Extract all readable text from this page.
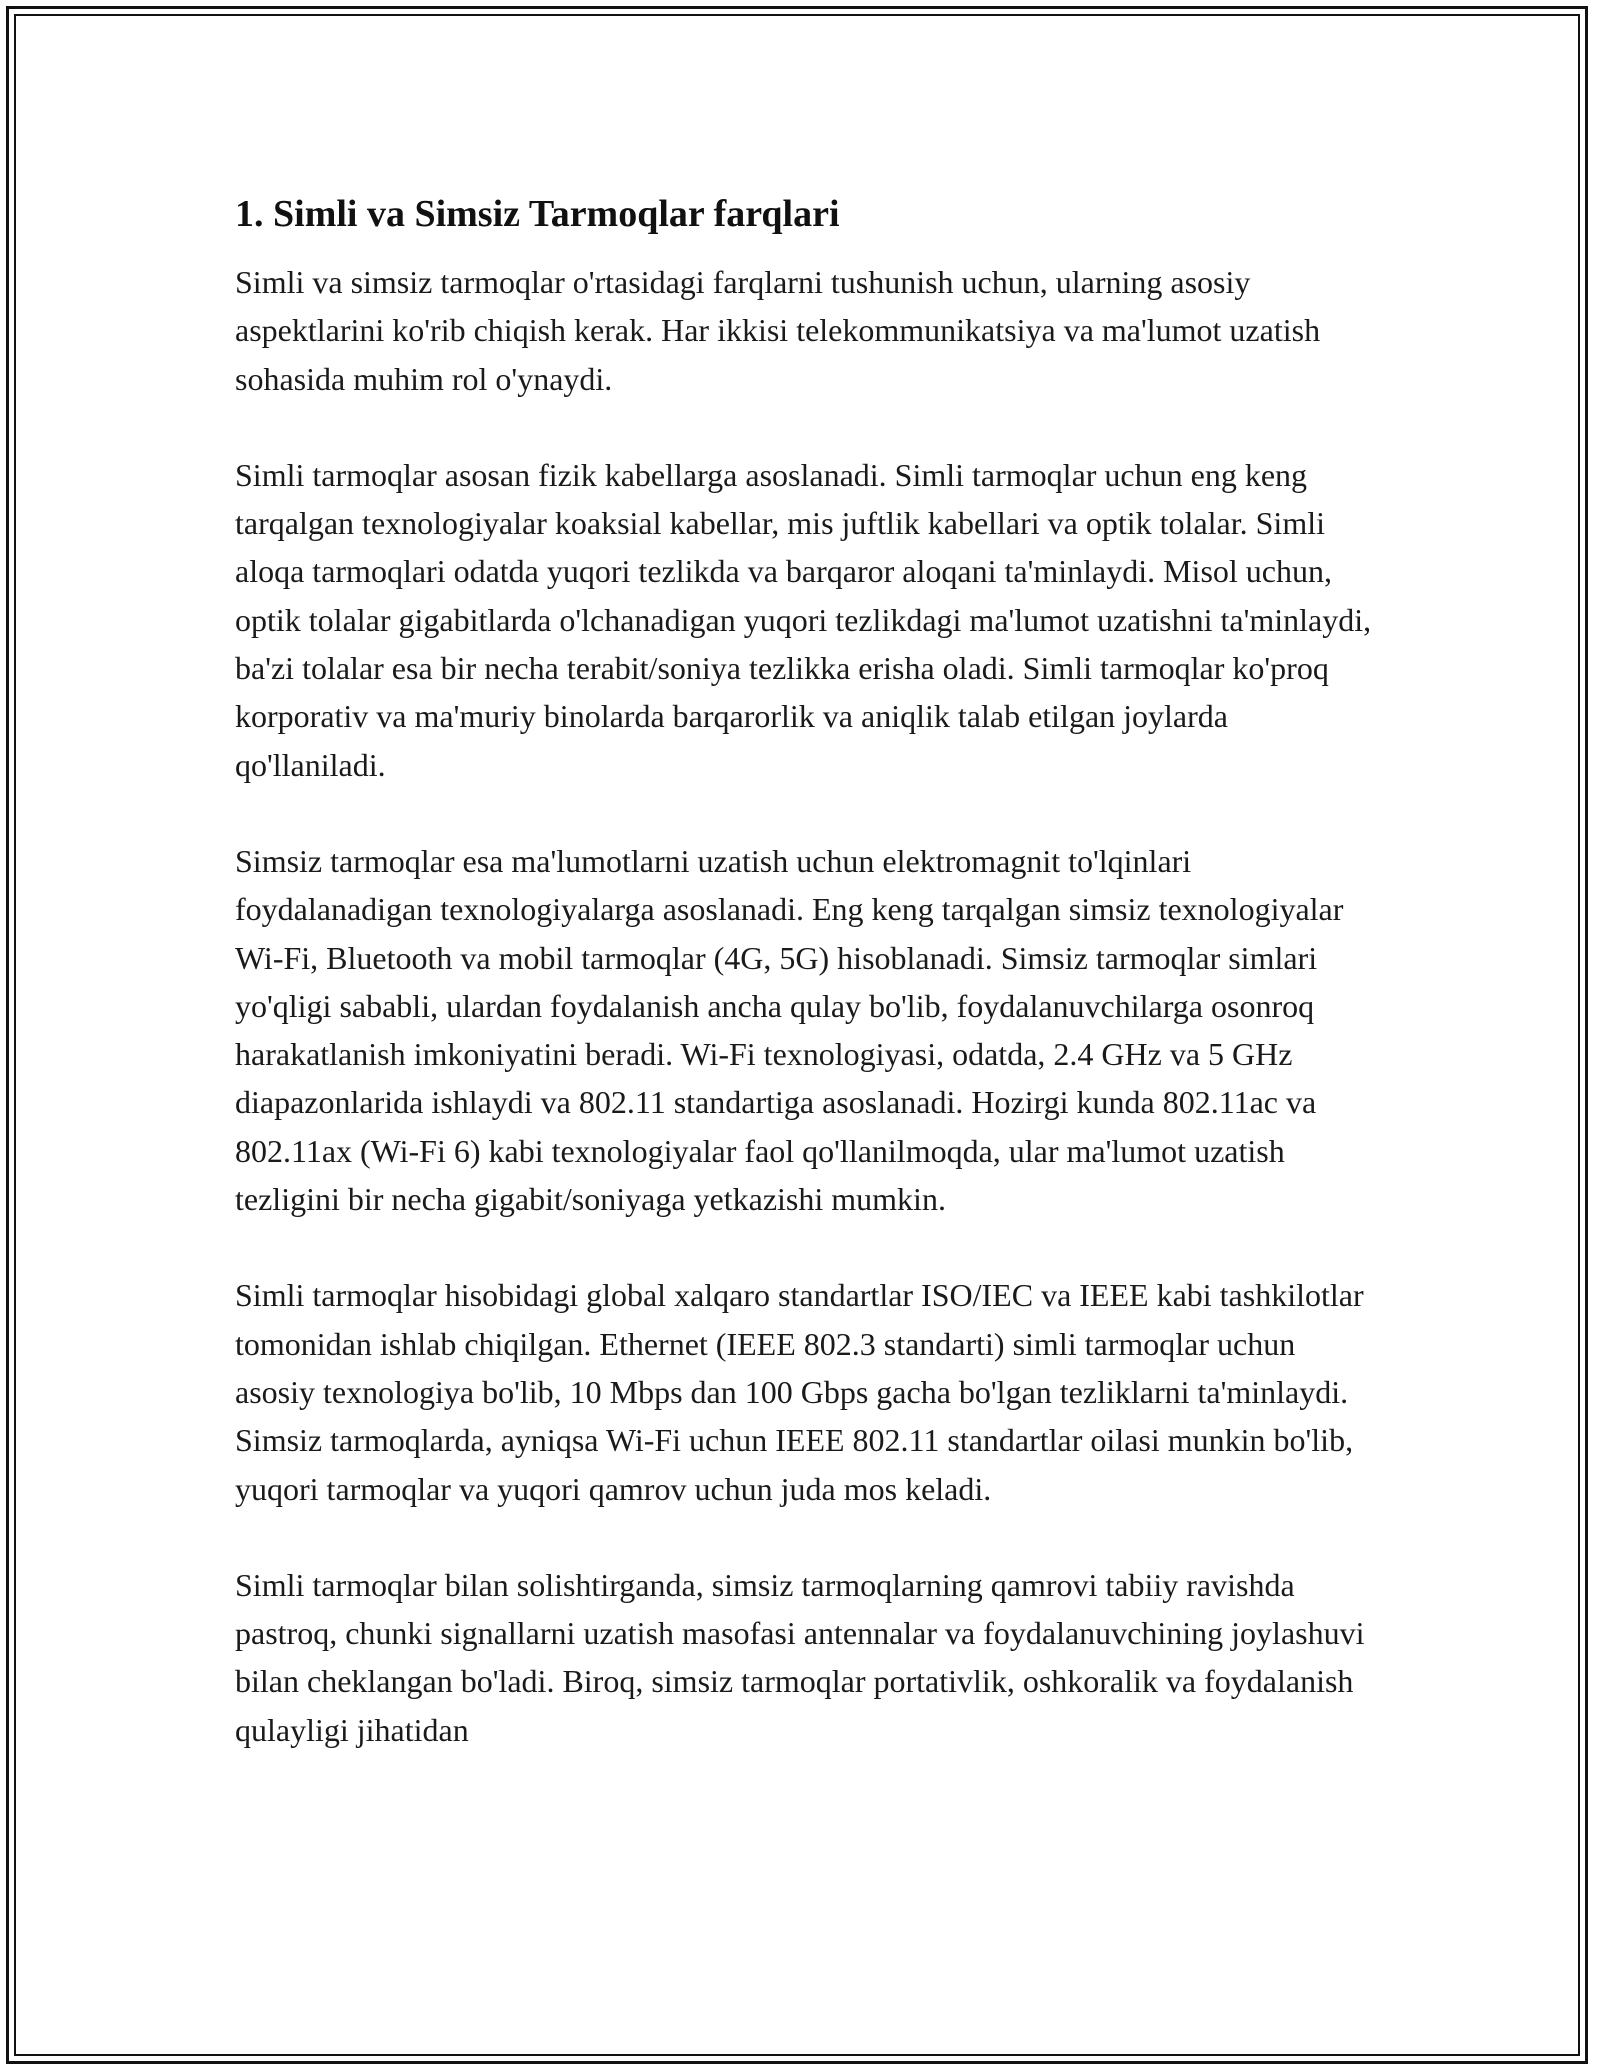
1. Simli va Simsiz Tarmoqlar farqlari

Simli va simsiz tarmoqlar o'rtasidagi farqlarni tushunish uchun, ularning asosiy aspektlarini ko'rib chiqish kerak. Har ikkisi telekommunikatsiya va ma'lumot uzatish sohasida muhim rol o'ynaydi.

Simli tarmoqlar asosan fizik kabellarga asoslanadi. Simli tarmoqlar uchun eng keng tarqalgan texnologiyalar koaksial kabellar, mis juftlik kabellari va optik tolalar. Simli aloqa tarmoqlari odatda yuqori tezlikda va barqaror aloqani ta'minlaydi. Misol uchun, optik tolalar gigabitlarda o'lchanadigan yuqori tezlikdagi ma'lumot uzatishni ta'minlaydi, ba'zi tolalar esa bir necha terabit/soniya tezlikka erisha oladi. Simli tarmoqlar ko'proq korporativ va ma'muriy binolarda barqarorlik va aniqlik talab etilgan joylarda qo'llaniladi.

Simsiz tarmoqlar esa ma'lumotlarni uzatish uchun elektromagnit to'lqinlari foydalanadigan texnologiyalarga asoslanadi. Eng keng tarqalgan simsiz texnologiyalar Wi-Fi, Bluetooth va mobil tarmoqlar (4G, 5G) hisoblanadi. Simsiz tarmoqlar simlari yo'qligi sababli, ulardan foydalanish ancha qulay bo'lib, foydalanuvchilarga osonroq harakatlanish imkoniyatini beradi. Wi-Fi texnologiyasi, odatda, 2.4 GHz va 5 GHz diapazonlarida ishlaydi va 802.11 standartiga asoslanadi. Hozirgi kunda 802.11ac va 802.11ax (Wi-Fi 6) kabi texnologiyalar faol qo'llanilmoqda, ular ma'lumot uzatish tezligini bir necha gigabit/soniyaga yetkazishi mumkin.

Simli tarmoqlar hisobidagi global xalqaro standartlar ISO/IEC va IEEE kabi tashkilotlar tomonidan ishlab chiqilgan. Ethernet (IEEE 802.3 standarti) simli tarmoqlar uchun asosiy texnologiya bo'lib, 10 Mbps dan 100 Gbps gacha bo'lgan tezliklarni ta'minlaydi. Simsiz tarmoqlarda, ayniqsa Wi-Fi uchun IEEE 802.11 standartlar oilasi munkin bo'lib, yuqori tarmoqlar va yuqori qamrov uchun juda mos keladi.

Simli tarmoqlar bilan solishtirganda, simsiz tarmoqlarning qamrovi tabiiy ravishda pastroq, chunki signallarni uzatish masofasi antennalar va foydalanuvchining joylashuvi bilan cheklangan bo'ladi. Biroq, simsiz tarmoqlar portativlik, oshkoralik va foydalanish qulayligi jihatidan
